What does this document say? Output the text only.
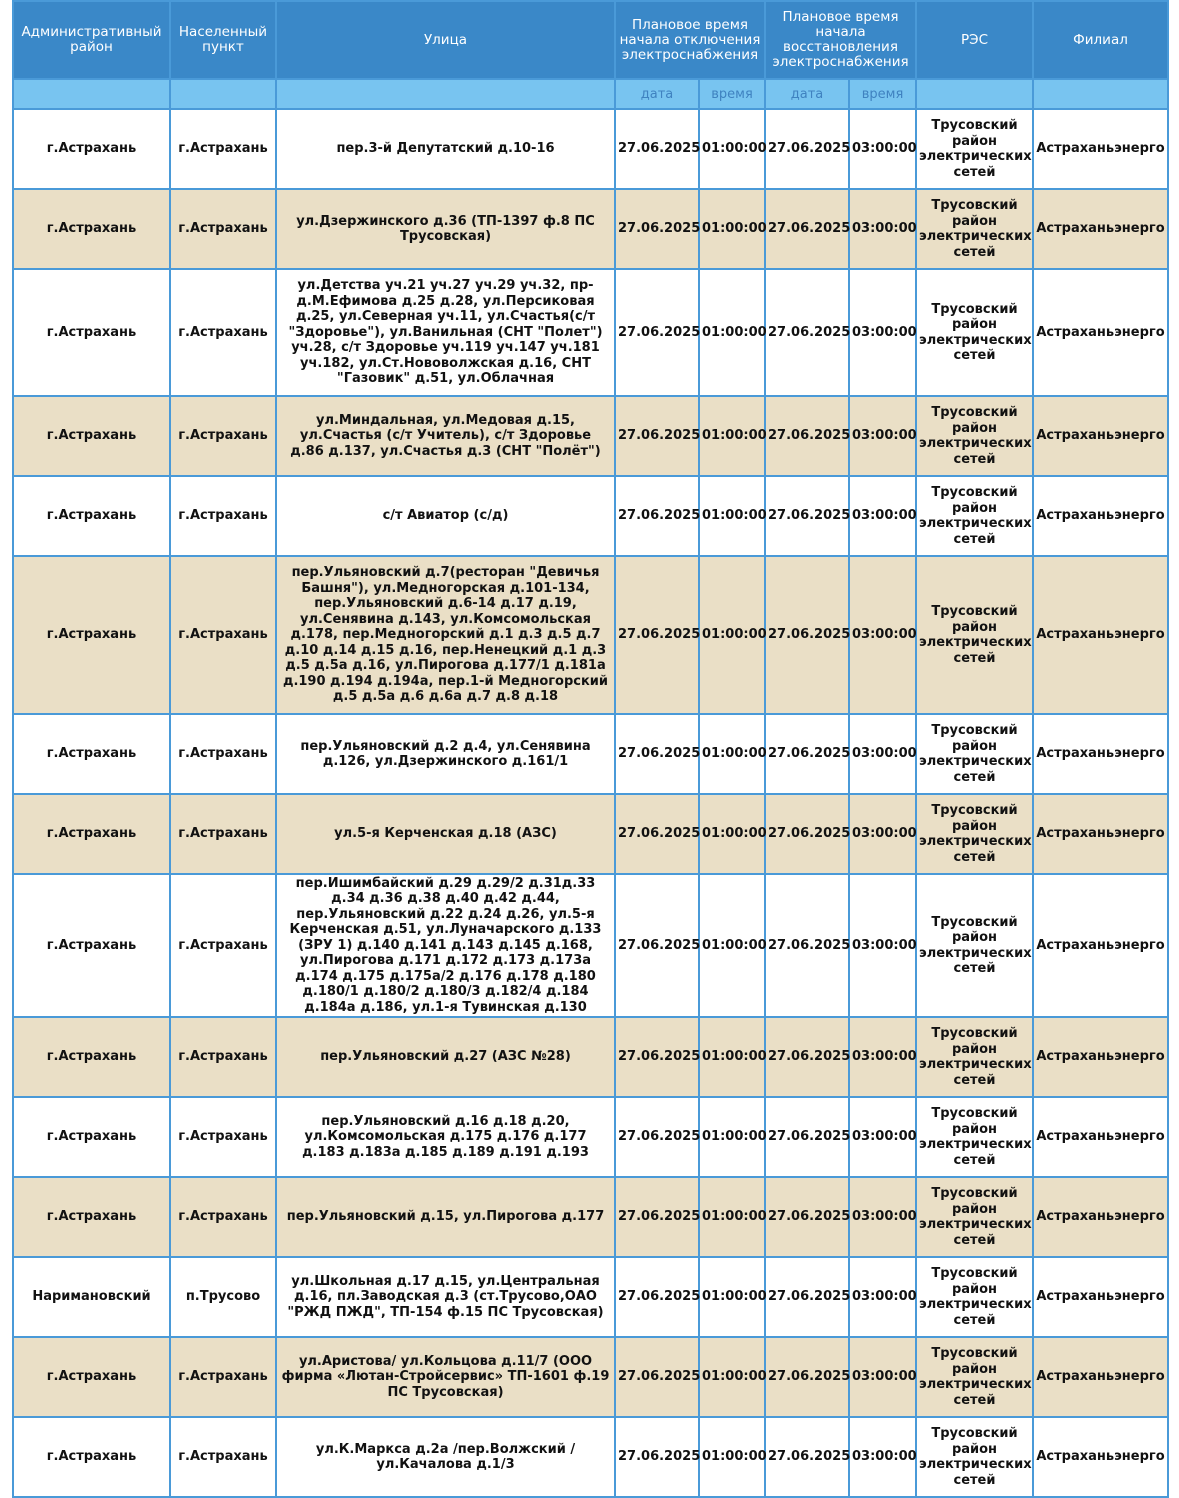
Административный район	Населенный пункт	Улица	Плановое время начала отключения электроснабжения		Плановое время начала восстановления электроснабжения		РЭС	Филиал
			дата	время	дата	время		
г.Астрахань	г.Астрахань	пер.3-й Депутатский д.10-16	27.06.2025	01:00:00	27.06.2025	03:00:00	Трусовский район электрических сетей	Астраханьэнерго
г.Астрахань	г.Астрахань	ул.Дзержинского д.36 (ТП-1397 ф.8 ПС Трусовская)	27.06.2025	01:00:00	27.06.2025	03:00:00	Трусовский район электрических сетей	Астраханьэнерго
г.Астрахань	г.Астрахань	ул.Детства уч.21 уч.27 уч.29 уч.32, пр-д.М.Ефимова д.25 д.28, ул.Персиковая д.25, ул.Северная уч.11, ул.Счастья(с/т "Здоровье"), ул.Ванильная (СНТ "Полет") уч.28, с/т Здоровье уч.119 уч.147 уч.181 уч.182, ул.Ст.Нововолжская д.16, СНТ "Газовик" д.51, ул.Облачная	27.06.2025	01:00:00	27.06.2025	03:00:00	Трусовский район электрических сетей	Астраханьэнерго
г.Астрахань	г.Астрахань	ул.Миндальная, ул.Медовая д.15, ул.Счастья (с/т Учитель), с/т Здоровье д.86 д.137, ул.Счастья д.3 (СНТ "Полёт")	27.06.2025	01:00:00	27.06.2025	03:00:00	Трусовский район электрических сетей	Астраханьэнерго
г.Астрахань	г.Астрахань	с/т Авиатор (с/д)	27.06.2025	01:00:00	27.06.2025	03:00:00	Трусовский район электрических сетей	Астраханьэнерго
г.Астрахань	г.Астрахань	пер.Ульяновский д.7(ресторан "Девичья Башня"), ул.Медногорская д.101-134, пер.Ульяновский д.6-14 д.17 д.19, ул.Сенявина д.143, ул.Комсомольская д.178, пер.Медногорский д.1 д.3 д.5 д.7 д.10 д.14 д.15 д.16, пер.Ненецкий д.1 д.3 д.5 д.5а д.16, ул.Пирогова д.177/1 д.181а д.190 д.194 д.194а, пер.1-й Медногорский д.5 д.5а д.6 д.6а д.7 д.8 д.18	27.06.2025	01:00:00	27.06.2025	03:00:00	Трусовский район электрических сетей	Астраханьэнерго
г.Астрахань	г.Астрахань	пер.Ульяновский д.2 д.4, ул.Сенявина д.126, ул.Дзержинского д.161/1	27.06.2025	01:00:00	27.06.2025	03:00:00	Трусовский район электрических сетей	Астраханьэнерго
г.Астрахань	г.Астрахань	ул.5-я Керченская д.18 (АЗС)	27.06.2025	01:00:00	27.06.2025	03:00:00	Трусовский район электрических сетей	Астраханьэнерго
г.Астрахань	г.Астрахань	пер.Ишимбайский д.29 д.29/2 д.31д.33 д.34 д.36 д.38 д.40 д.42 д.44, пер.Ульяновский д.22 д.24 д.26, ул.5-я Керченская д.51, ул.Луначарского д.133 (ЗРУ 1) д.140 д.141 д.143 д.145 д.168, ул.Пирогова д.171 д.172 д.173 д.173а д.174 д.175 д.175а/2 д.176 д.178 д.180 д.180/1 д.180/2 д.180/3 д.182/4 д.184 д.184а д.186, ул.1-я Тувинская д.130	27.06.2025	01:00:00	27.06.2025	03:00:00	Трусовский район электрических сетей	Астраханьэнерго
г.Астрахань	г.Астрахань	пер.Ульяновский д.27 (АЗС №28)	27.06.2025	01:00:00	27.06.2025	03:00:00	Трусовский район электрических сетей	Астраханьэнерго
г.Астрахань	г.Астрахань	пер.Ульяновский д.16 д.18 д.20, ул.Комсомольская д.175 д.176 д.177 д.183 д.183а д.185 д.189 д.191 д.193	27.06.2025	01:00:00	27.06.2025	03:00:00	Трусовский район электрических сетей	Астраханьэнерго
г.Астрахань	г.Астрахань	пер.Ульяновский д.15, ул.Пирогова д.177	27.06.2025	01:00:00	27.06.2025	03:00:00	Трусовский район электрических сетей	Астраханьэнерго
Наримановский	п.Трусово	ул.Школьная д.17 д.15, ул.Центральная д.16, пл.Заводская д.3 (ст.Трусово,ОАО "РЖД ПЖД", ТП-154 ф.15 ПС Трусовская)	27.06.2025	01:00:00	27.06.2025	03:00:00	Трусовский район электрических сетей	Астраханьэнерго
г.Астрахань	г.Астрахань	ул.Аристова/ ул.Кольцова д.11/7 (ООО фирма «Лютан-Стройсервис» ТП-1601 ф.19 ПС Трусовская)	27.06.2025	01:00:00	27.06.2025	03:00:00	Трусовский район электрических сетей	Астраханьэнерго
г.Астрахань	г.Астрахань	ул.К.Маркса д.2а /пер.Волжский / ул.Качалова д.1/3	27.06.2025	01:00:00	27.06.2025	03:00:00	Трусовский район электрических сетей	Астраханьэнерго
